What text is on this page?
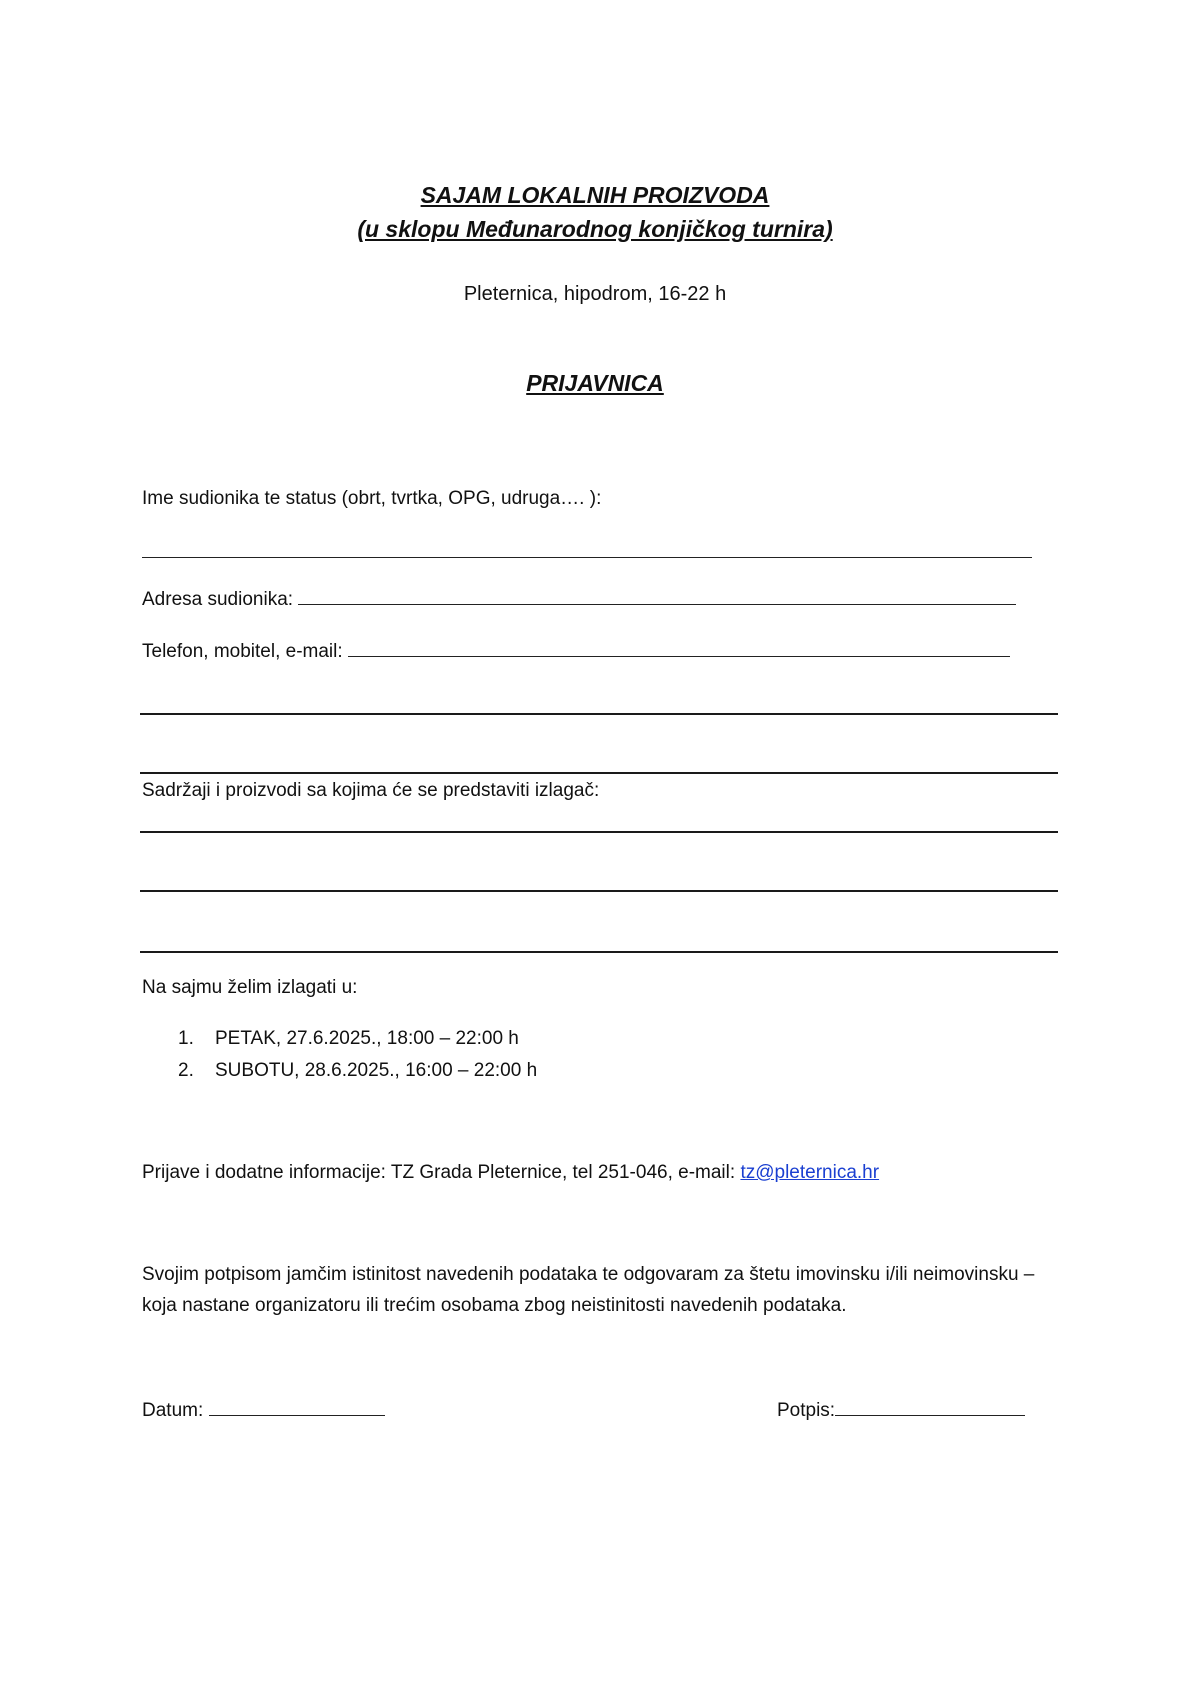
SAJAM LOKALNIH PROIZVODA
(u sklopu Međunarodnog konjičkog turnira)
Pleternica, hipodrom, 16-22 h
PRIJAVNICA
Ime sudionika te status (obrt, tvrtka, OPG, udruga…. ):
Adresa sudionika:
Telefon, mobitel, e-mail:
Sadržaji i proizvodi sa kojima će se predstaviti izlagač:
Na sajmu želim izlagati u:
1. PETAK, 27.6.2025., 18:00 – 22:00 h
2. SUBOTU, 28.6.2025., 16:00 – 22:00 h
Prijave i dodatne informacije: TZ Grada Pleternice, tel 251-046, e-mail: tz@pleternica.hr
Svojim potpisom jamčim istinitost navedenih podataka te odgovaram za štetu imovinsku i/ili neimovinsku – koja nastane organizatoru ili trećim osobama zbog neistinitosti navedenih podataka.
Datum:	Potpis:
